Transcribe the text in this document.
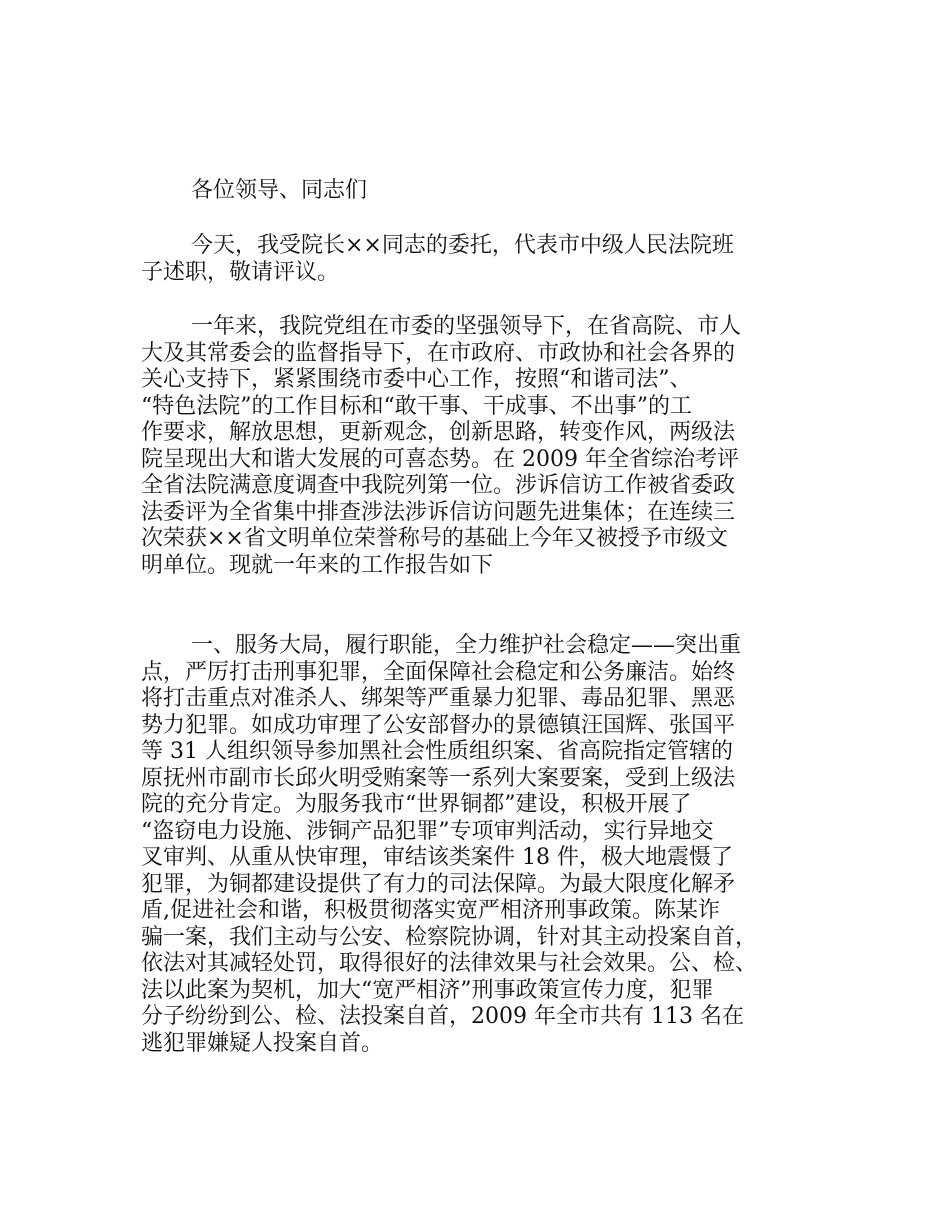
各位领导、同志们
今天，我受院长××同志的委托，代表市中级人民法院班
子述职，敬请评议。
一年来，我院党组在市委的坚强领导下，在省高院、市人
大及其常委会的监督指导下，在市政府、市政协和社会各界的
关心支持下，紧紧围绕市委中心工作，按照“和谐司法”、
“特色法院”的工作目标和“敢干事、干成事、不出事”的工
作要求，解放思想，更新观念，创新思路，转变作风，两级法
院呈现出大和谐大发展的可喜态势。在 2009 年全省综治考评
全省法院满意度调查中我院列第一位。涉诉信访工作被省委政
法委评为全省集中排查涉法涉诉信访问题先进集体；在连续三
次荣获××省文明单位荣誉称号的基础上今年又被授予市级文
明单位。现就一年来的工作报告如下
一、服务大局，履行职能，全力维护社会稳定——突出重
点，严厉打击刑事犯罪，全面保障社会稳定和公务廉洁。始终
将打击重点对准杀人、绑架等严重暴力犯罪、毒品犯罪、黑恶
势力犯罪。如成功审理了公安部督办的景德镇汪国辉、张国平
等 31 人组织领导参加黑社会性质组织案、省高院指定管辖的
原抚州市副市长邱火明受贿案等一系列大案要案，受到上级法
院的充分肯定。为服务我市“世界铜都”建设，积极开展了
“盗窃电力设施、涉铜产品犯罪”专项审判活动，实行异地交
叉审判、从重从快审理，审结该类案件 18 件，极大地震慑了
犯罪，为铜都建设提供了有力的司法保障。为最大限度化解矛
盾,促进社会和谐，积极贯彻落实宽严相济刑事政策。陈某诈
骗一案，我们主动与公安、检察院协调，针对其主动投案自首，
依法对其减轻处罚，取得很好的法律效果与社会效果。公、检、
法以此案为契机，加大“宽严相济”刑事政策宣传力度，犯罪
分子纷纷到公、检、法投案自首，2009 年全市共有 113 名在
逃犯罪嫌疑人投案自首。
